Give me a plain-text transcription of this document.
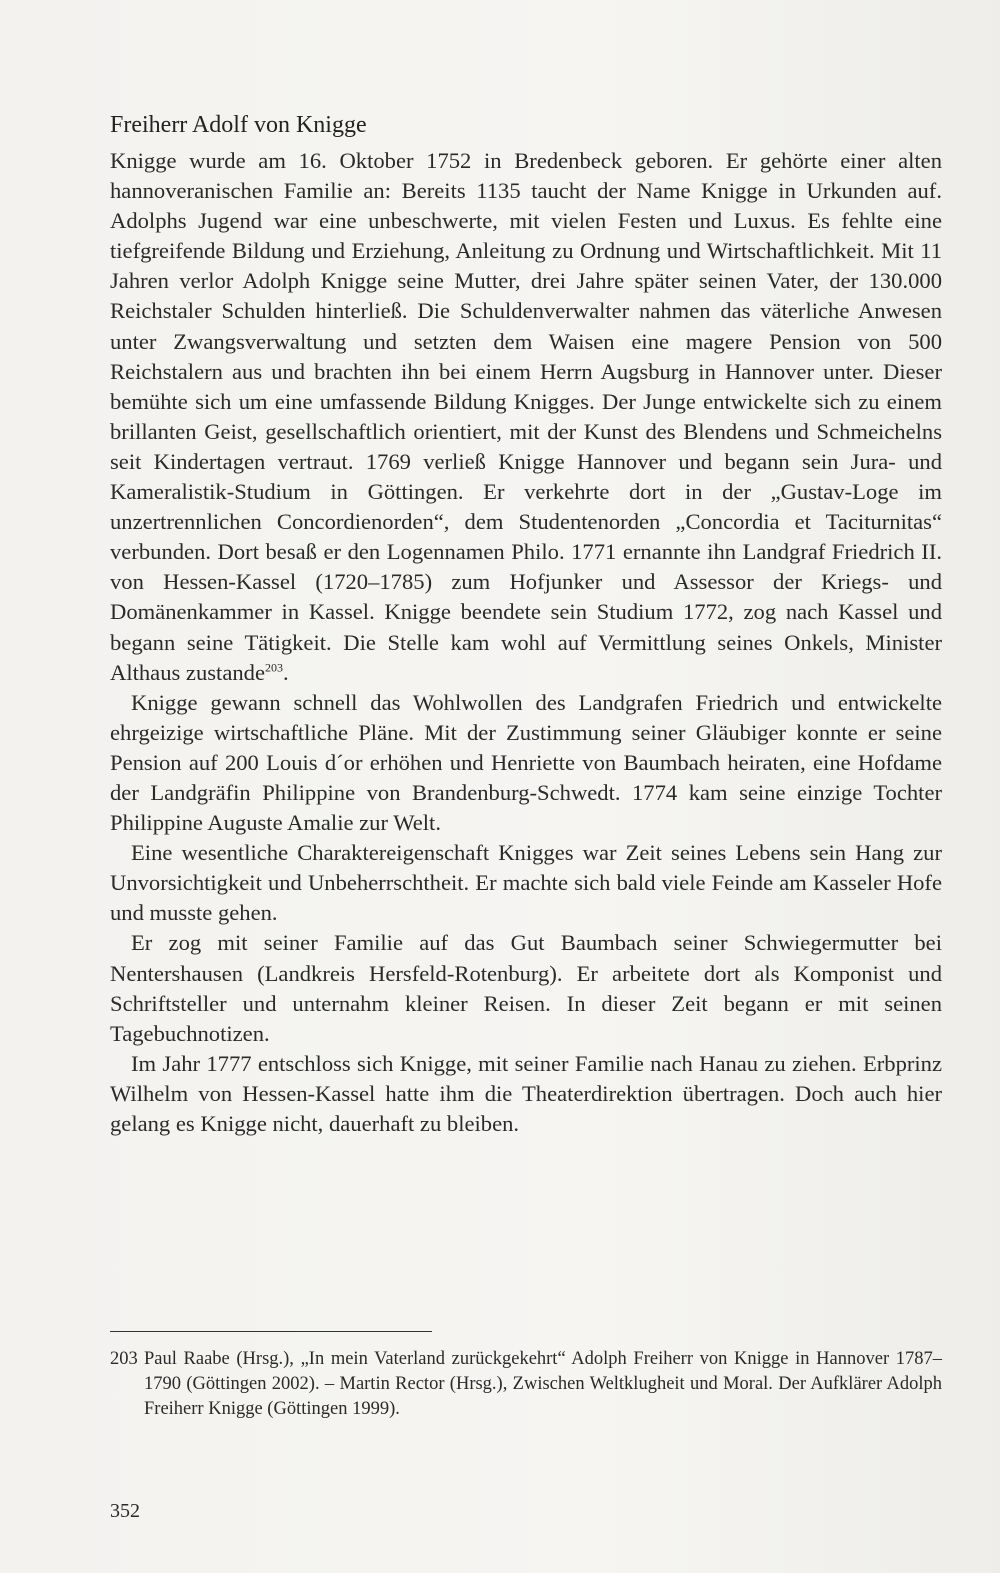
Freiherr Adolf von Knigge

Knigge wurde am 16. Oktober 1752 in Bredenbeck geboren. Er gehörte einer alten hannoveranischen Familie an: Bereits 1135 taucht der Name Knigge in Urkunden auf. Adolphs Jugend war eine unbeschwerte, mit vielen Festen und Luxus. Es fehlte eine tiefgreifende Bildung und Erziehung, Anleitung zu Ordnung und Wirtschaftlichkeit. Mit 11 Jahren verlor Adolph Knigge seine Mutter, drei Jahre später seinen Vater, der 130.000 Reichstaler Schulden hinterließ. Die Schuldenverwalter nahmen das väterliche Anwesen unter Zwangsverwaltung und setzten dem Waisen eine magere Pension von 500 Reichstalern aus und brachten ihn bei einem Herrn Augsburg in Hannover unter. Dieser bemühte sich um eine umfassende Bildung Knigges. Der Junge entwickelte sich zu einem brillanten Geist, gesellschaftlich orientiert, mit der Kunst des Blendens und Schmeichelns seit Kindertagen vertraut. 1769 verließ Knigge Hannover und begann sein Jura- und Kameralistik-Studium in Göttingen. Er verkehrte dort in der „Gustav-Loge im unzertrennlichen Concordienorden“, dem Studentenorden „Concordia et Taciturnitas“ verbunden. Dort besaß er den Logennamen Philo. 1771 ernannte ihn Landgraf Friedrich II. von Hessen-Kassel (1720–1785) zum Hofjunker und Assessor der Kriegs- und Domänenkammer in Kassel. Knigge beendete sein Studium 1772, zog nach Kassel und begann seine Tätigkeit. Die Stelle kam wohl auf Vermittlung seines Onkels, Minister Althaus zustande$^{203}$.

Knigge gewann schnell das Wohlwollen des Landgrafen Friedrich und entwickelte ehrgeizige wirtschaftliche Pläne. Mit der Zustimmung seiner Gläubiger konnte er seine Pension auf 200 Louis d´or erhöhen und Henriette von Baumbach heiraten, eine Hofdame der Landgräfin Philippine von Brandenburg-Schwedt. 1774 kam seine einzige Tochter Philippine Auguste Amalie zur Welt.

Eine wesentliche Charaktereigenschaft Knigges war Zeit seines Lebens sein Hang zur Unvorsichtigkeit und Unbeherrschtheit. Er machte sich bald viele Feinde am Kasseler Hofe und musste gehen.

Er zog mit seiner Familie auf das Gut Baumbach seiner Schwiegermutter bei Nentershausen (Landkreis Hersfeld-Rotenburg). Er arbeitete dort als Komponist und Schriftsteller und unternahm kleiner Reisen. In dieser Zeit begann er mit seinen Tagebuchnotizen.

Im Jahr 1777 entschloss sich Knigge, mit seiner Familie nach Hanau zu ziehen. Erbprinz Wilhelm von Hessen-Kassel hatte ihm die Theaterdirektion übertragen. Doch auch hier gelang es Knigge nicht, dauerhaft zu bleiben.

203 Paul Raabe (Hrsg.), „In mein Vaterland zurückgekehrt“ Adolph Freiherr von Knigge in Hannover 1787–1790 (Göttingen 2002). – Martin Rector (Hrsg.), Zwischen Weltklugheit und Moral. Der Aufklärer Adolph Freiherr Knigge (Göttingen 1999).
352
